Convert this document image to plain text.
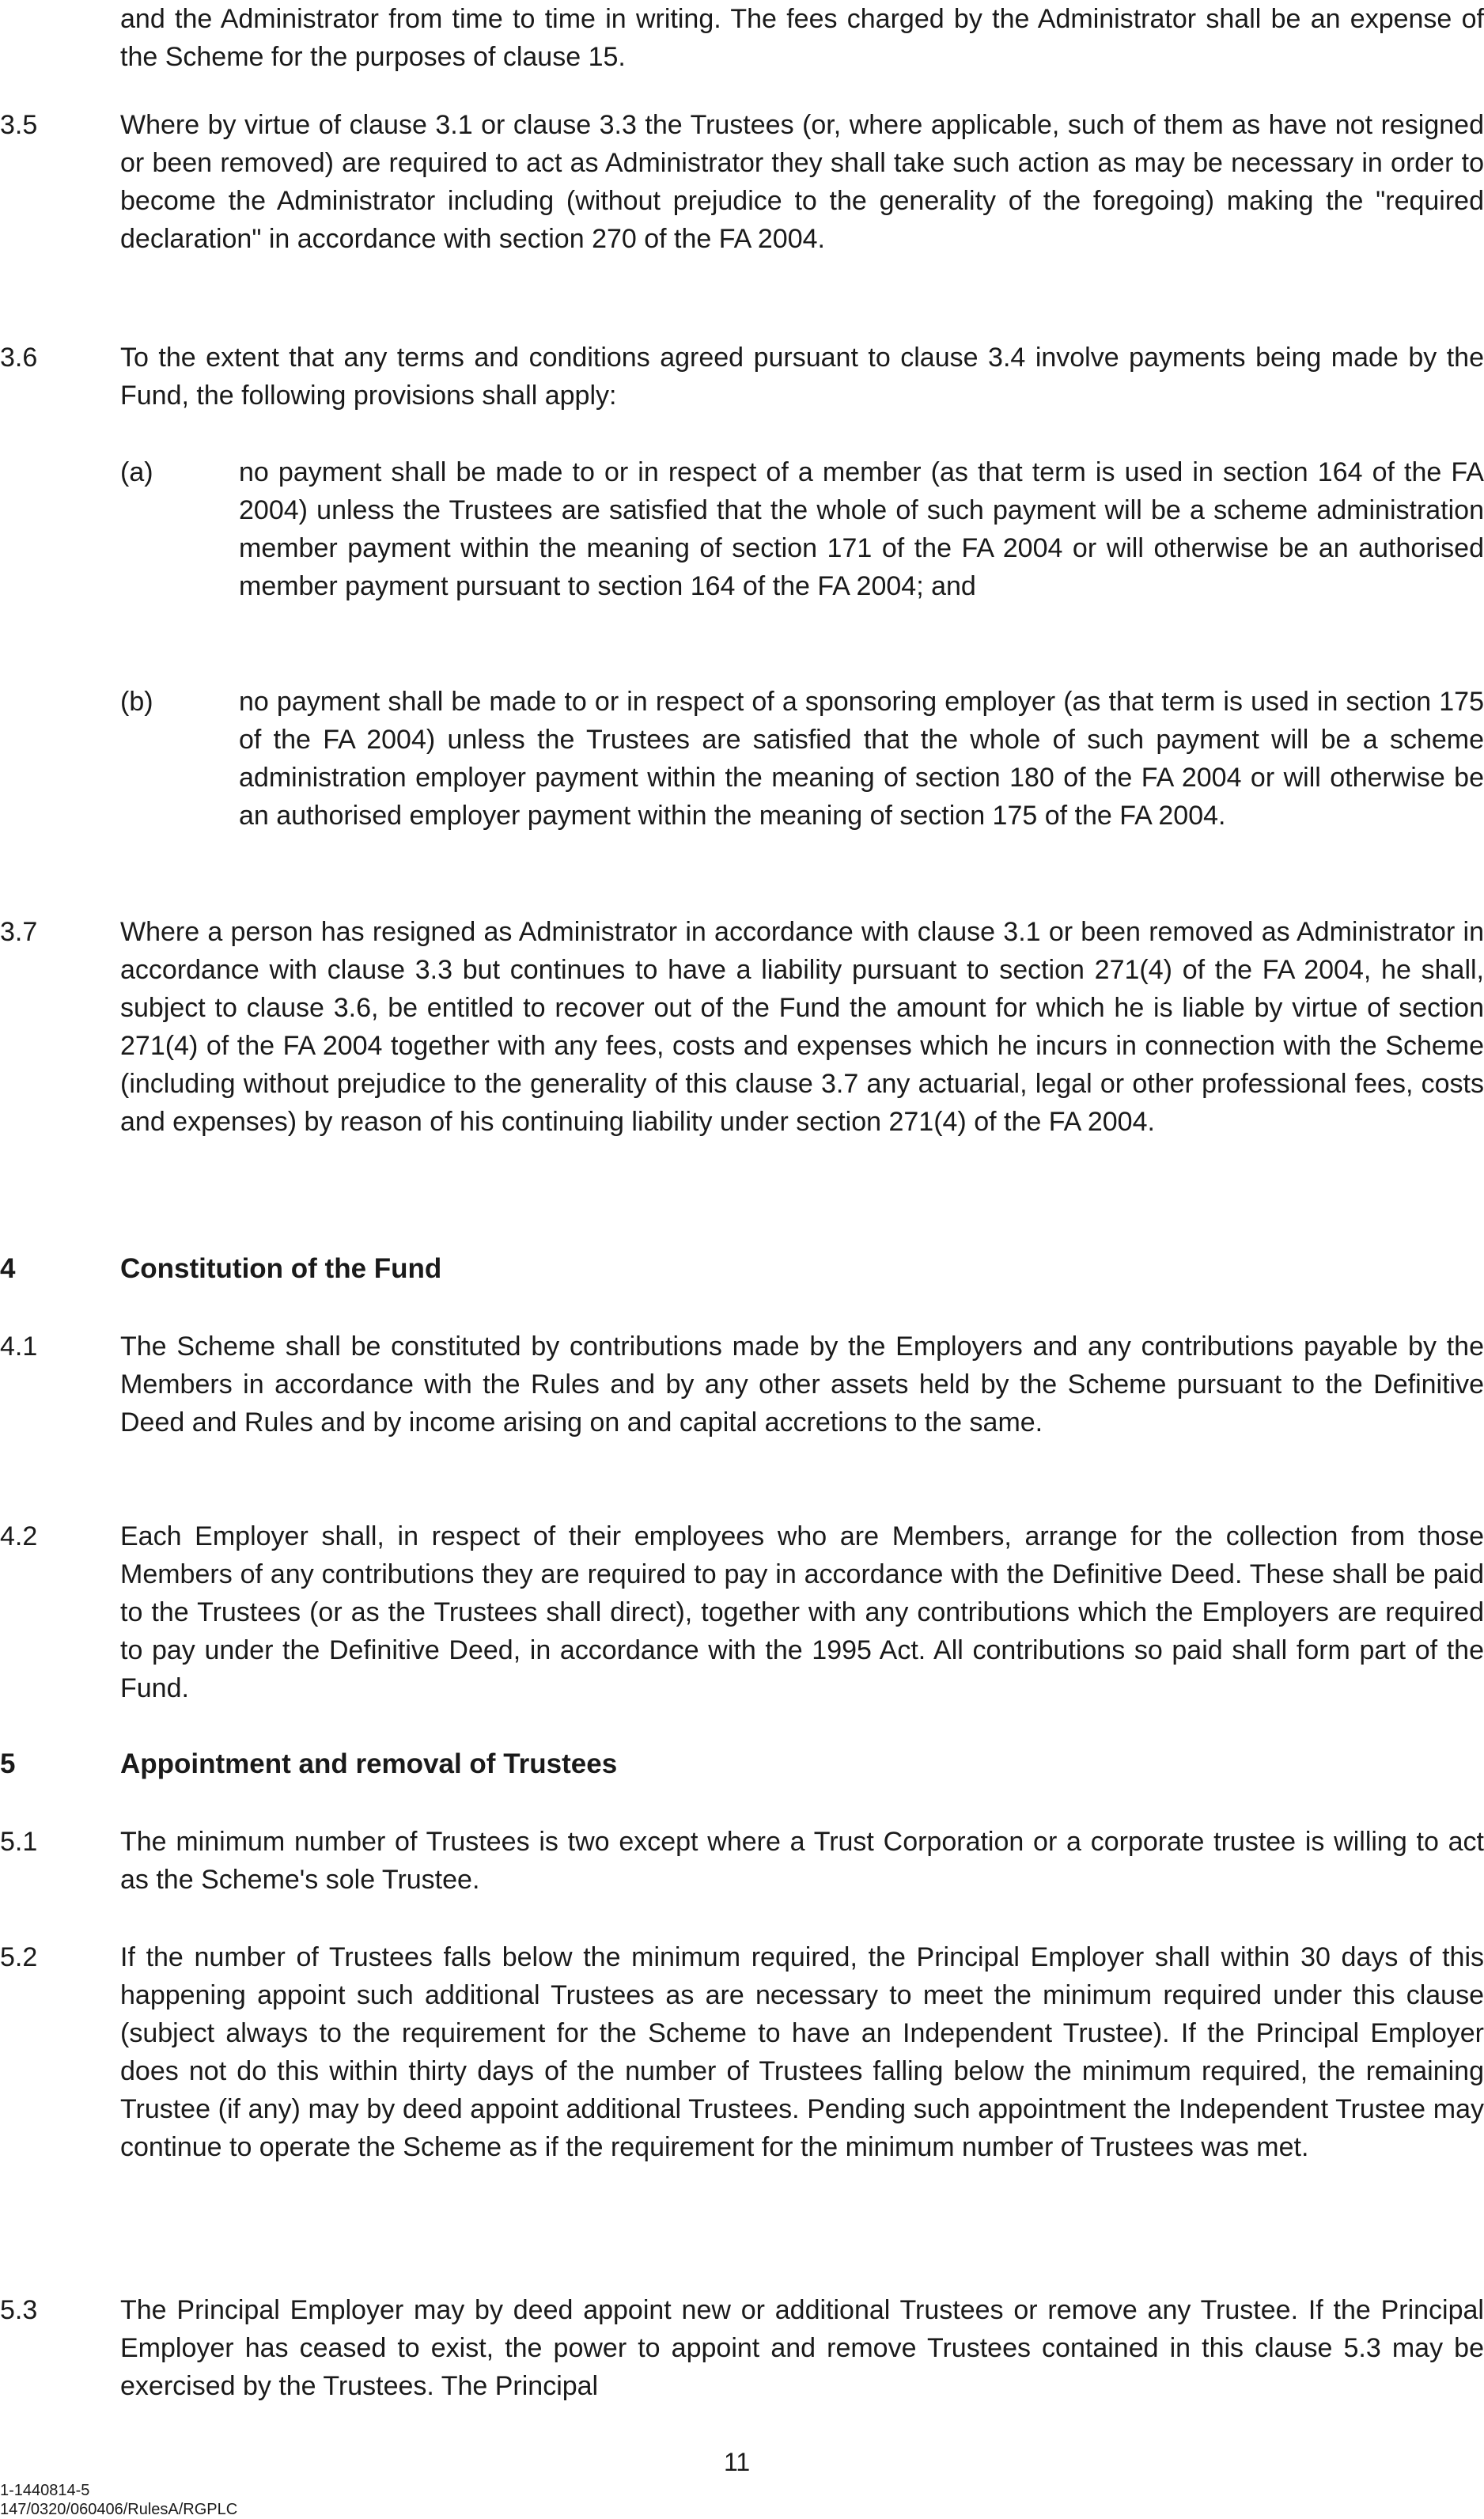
and the Administrator from time to time in writing. The fees charged by the Administrator shall be an expense of the Scheme for the purposes of clause 15.
3.5	Where by virtue of clause 3.1 or clause 3.3 the Trustees (or, where applicable, such of them as have not resigned or been removed) are required to act as Administrator they shall take such action as may be necessary in order to become the Administrator including (without prejudice to the generality of the foregoing) making the "required declaration" in accordance with section 270 of the FA 2004.
3.6	To the extent that any terms and conditions agreed pursuant to clause 3.4 involve payments being made by the Fund, the following provisions shall apply:
(a)	no payment shall be made to or in respect of a member (as that term is used in section 164 of the FA 2004) unless the Trustees are satisfied that the whole of such payment will be a scheme administration member payment within the meaning of section 171 of the FA 2004 or will otherwise be an authorised member payment pursuant to section 164 of the FA 2004; and
(b)	no payment shall be made to or in respect of a sponsoring employer (as that term is used in section 175 of the FA 2004) unless the Trustees are satisfied that the whole of such payment will be a scheme administration employer payment within the meaning of section 180 of the FA 2004 or will otherwise be an authorised employer payment within the meaning of section 175 of the FA 2004.
3.7	Where a person has resigned as Administrator in accordance with clause 3.1 or been removed as Administrator in accordance with clause 3.3 but continues to have a liability pursuant to section 271(4) of the FA 2004, he shall, subject to clause 3.6, be entitled to recover out of the Fund the amount for which he is liable by virtue of section 271(4) of the FA 2004 together with any fees, costs and expenses which he incurs in connection with the Scheme (including without prejudice to the generality of this clause 3.7 any actuarial, legal or other professional fees, costs and expenses) by reason of his continuing liability under section 271(4) of the FA 2004.
4	Constitution of the Fund
4.1	The Scheme shall be constituted by contributions made by the Employers and any contributions payable by the Members in accordance with the Rules and by any other assets held by the Scheme pursuant to the Definitive Deed and Rules and by income arising on and capital accretions to the same.
4.2	Each Employer shall, in respect of their employees who are Members, arrange for the collection from those Members of any contributions they are required to pay in accordance with the Definitive Deed. These shall be paid to the Trustees (or as the Trustees shall direct), together with any contributions which the Employers are required to pay under the Definitive Deed, in accordance with the 1995 Act. All contributions so paid shall form part of the Fund.
5	Appointment and removal of Trustees
5.1	The minimum number of Trustees is two except where a Trust Corporation or a corporate trustee is willing to act as the Scheme's sole Trustee.
5.2	If the number of Trustees falls below the minimum required, the Principal Employer shall within 30 days of this happening appoint such additional Trustees as are necessary to meet the minimum required under this clause (subject always to the requirement for the Scheme to have an Independent Trustee). If the Principal Employer does not do this within thirty days of the number of Trustees falling below the minimum required, the remaining Trustee (if any) may by deed appoint additional Trustees. Pending such appointment the Independent Trustee may continue to operate the Scheme as if the requirement for the minimum number of Trustees was met.
5.3	The Principal Employer may by deed appoint new or additional Trustees or remove any Trustee. If the Principal Employer has ceased to exist, the power to appoint and remove Trustees contained in this clause 5.3 may be exercised by the Trustees. The Principal
11
1-1440814-5
147/0320/060406/RulesA/RGPLC
